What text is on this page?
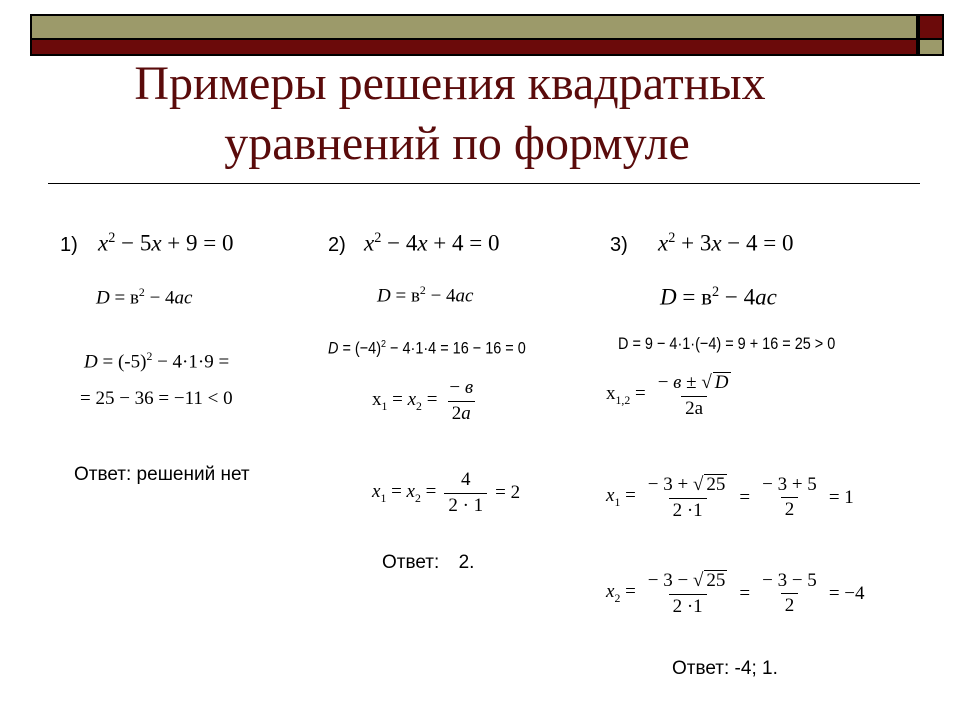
Примеры решения квадратных
уравнений по формуле
1) $x^2 - 5x + 9 = 0$
$D = в^2 - 4ac$
$D = (-5)^2 - 4\cdot 1\cdot 9$ =
= 25 − 36 = −11 < 0
Ответ: решений нет
2) $x^2 - 4x + 4 = 0$
$D = в^2 - 4ac$
$D = (-4)^2 - 4\cdot 1\cdot 4 = 16 - 16 = 0$
$x_1 = x_2 = \frac{- в}{2a}$
$x_1 = x_2 = \frac{4}{2 \cdot 1} = 2$
Ответ: 2.
3) $x^2 + 3x - 4 = 0$
$D = в^2 - 4ac$
D = 9 − 4·1·(−4) = 9 + 16 = 25 > 0
$x_{1,2} = \frac{- в \pm √ D}{2a}$
$x_1 = \frac{- 3 + √ 25}{2 \cdot 1} = \frac{- 3 + 5}{2} = 1$
$x_2 = \frac{- 3 - √ 25}{2 \cdot 1} = \frac{- 3 - 5}{2} = -4$
Ответ: -4; 1.
